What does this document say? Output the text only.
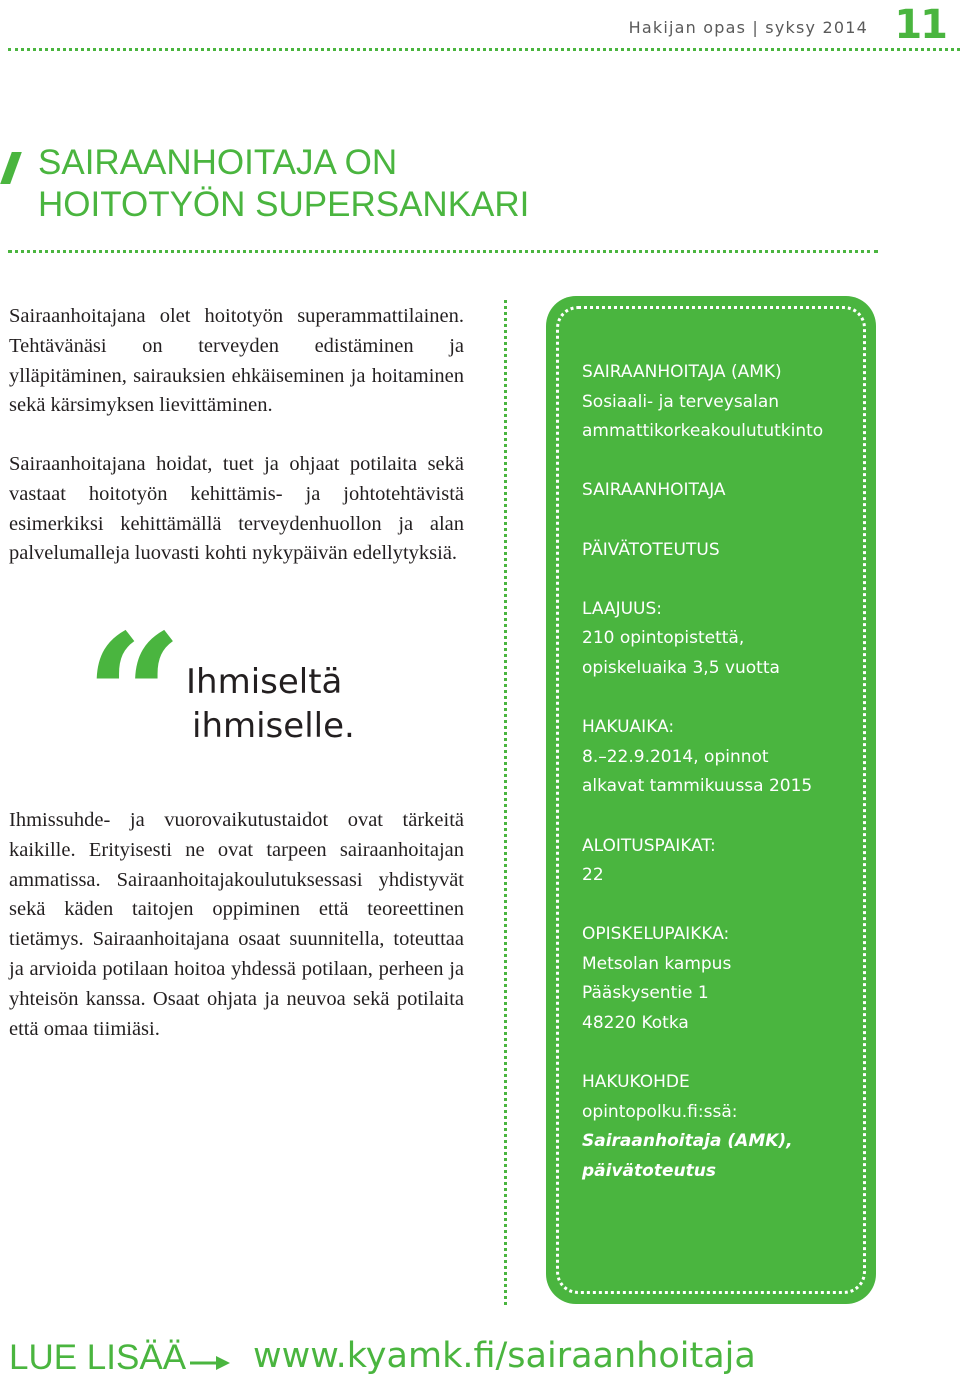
Hakijan opas | syksy 2014 11
SAIRAANHOITAJA ON
HOITOTYÖN SUPERSANKARI

Sairaanhoitajana olet hoitotyön superammattilainen. Tehtävänäsi on terveyden edistäminen ja ylläpitäminen, sairauksien ehkäiseminen ja hoitaminen sekä kärsimyksen lievittäminen.

Sairaanhoitajana hoidat, tuet ja ohjaat potilaita sekä vastaat hoitotyön kehittämis- ja johtotehtävistä esimerkiksi kehittämällä terveydenhuollon ja alan palvelumalleja luovasti kohti nykypäivän edellytyksiä.

“ Ihmiseltä
ihmiselle.

Ihmissuhde- ja vuorovaikutustaidot ovat tärkeitä kaikille. Erityisesti ne ovat tarpeen sairaanhoitajan ammatissa. Sairaanhoitajakoulutuksessasi yhdistyvät sekä käden taitojen oppiminen että teoreettinen tietämys. Sairaanhoitajana osaat suunnitella, toteuttaa ja arvioida potilaan hoitoa yhdessä potilaan, perheen ja yhteisön kanssa. Osaat ohjata ja neuvoa sekä potilaita että omaa tiimiäsi.

SAIRAANHOITAJA (AMK)
Sosiaali- ja terveysalan
ammattikorkeakoulututkinto
SAIRAANHOITAJA
PÄIVÄTOTEUTUS
LAAJUUS:
210 opintopistettä,
opiskeluaika 3,5 vuotta
HAKUAIKA:
8.–22.9.2014, opinnot
alkavat tammikuussa 2015
ALOITUSPAIKAT:
22
OPISKELUPAIKKA:
Metsolan kampus
Pääskysentie 1
48220 Kotka
HAKUKOHDE
opintopolku.fi:ssä:
Sairaanhoitaja (AMK),
päivätoteutus
LUE LISÄÄ www.kyamk.fi/sairaanhoitaja
